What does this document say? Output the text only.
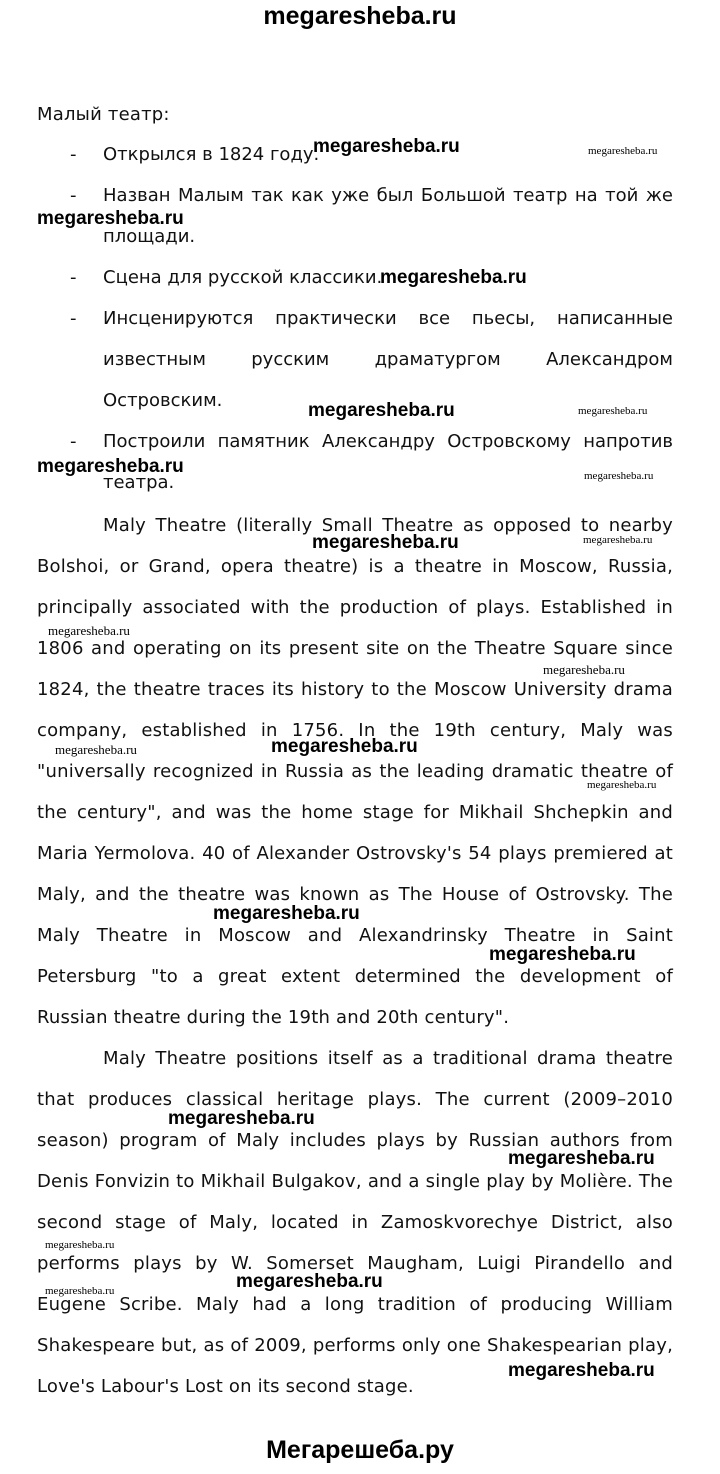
megaresheba.ru

Малый театр:

- Открылся в 1824 году.
- Назван Малым так как уже был Большой театр на той же площади.
- Сцена для русской классики.
- Инсценируются практически все пьесы, написанные известным русским драматургом Александром Островским.
- Построили памятник Александру Островскому напротив театра.

Maly Theatre (literally Small Theatre as opposed to nearby Bolshoi, or Grand, opera theatre) is a theatre in Moscow, Russia, principally associated with the production of plays. Established in 1806 and operating on its present site on the Theatre Square since 1824, the theatre traces its history to the Moscow University drama company, established in 1756. In the 19th century, Maly was "universally recognized in Russia as the leading dramatic theatre of the century", and was the home stage for Mikhail Shchepkin and Maria Yermolova. 40 of Alexander Ostrovsky's 54 plays premiered at Maly, and the theatre was known as The House of Ostrovsky. The Maly Theatre in Moscow and Alexandrinsky Theatre in Saint Petersburg "to a great extent determined the development of Russian theatre during the 19th and 20th century".

Maly Theatre positions itself as a traditional drama theatre that produces classical heritage plays. The current (2009–2010 season) program of Maly includes plays by Russian authors from Denis Fonvizin to Mikhail Bulgakov, and a single play by Molière. The second stage of Maly, located in Zamoskvorechye District, also performs plays by W. Somerset Maugham, Luigi Pirandello and Eugene Scribe. Maly had a long tradition of producing William Shakespeare but, as of 2009, performs only one Shakespearian play, Love's Labour's Lost on its second stage.

megaresheba.ru	megaresheba.ru
megaresheba.ru
megaresheba.ru
megaresheba.ru	megaresheba.ru
megaresheba.ru	megaresheba.ru
megaresheba.ru	megaresheba.ru
megaresheba.ru
megaresheba.ru
megaresheba.ru
megaresheba.ru
megaresheba.ru
megaresheba.ru
megaresheba.ru
megaresheba.ru
megaresheba.ru
megaresheba.ru
megaresheba.ru
megaresheba.ru
megaresheba.ru
Мегарешеба.ру
